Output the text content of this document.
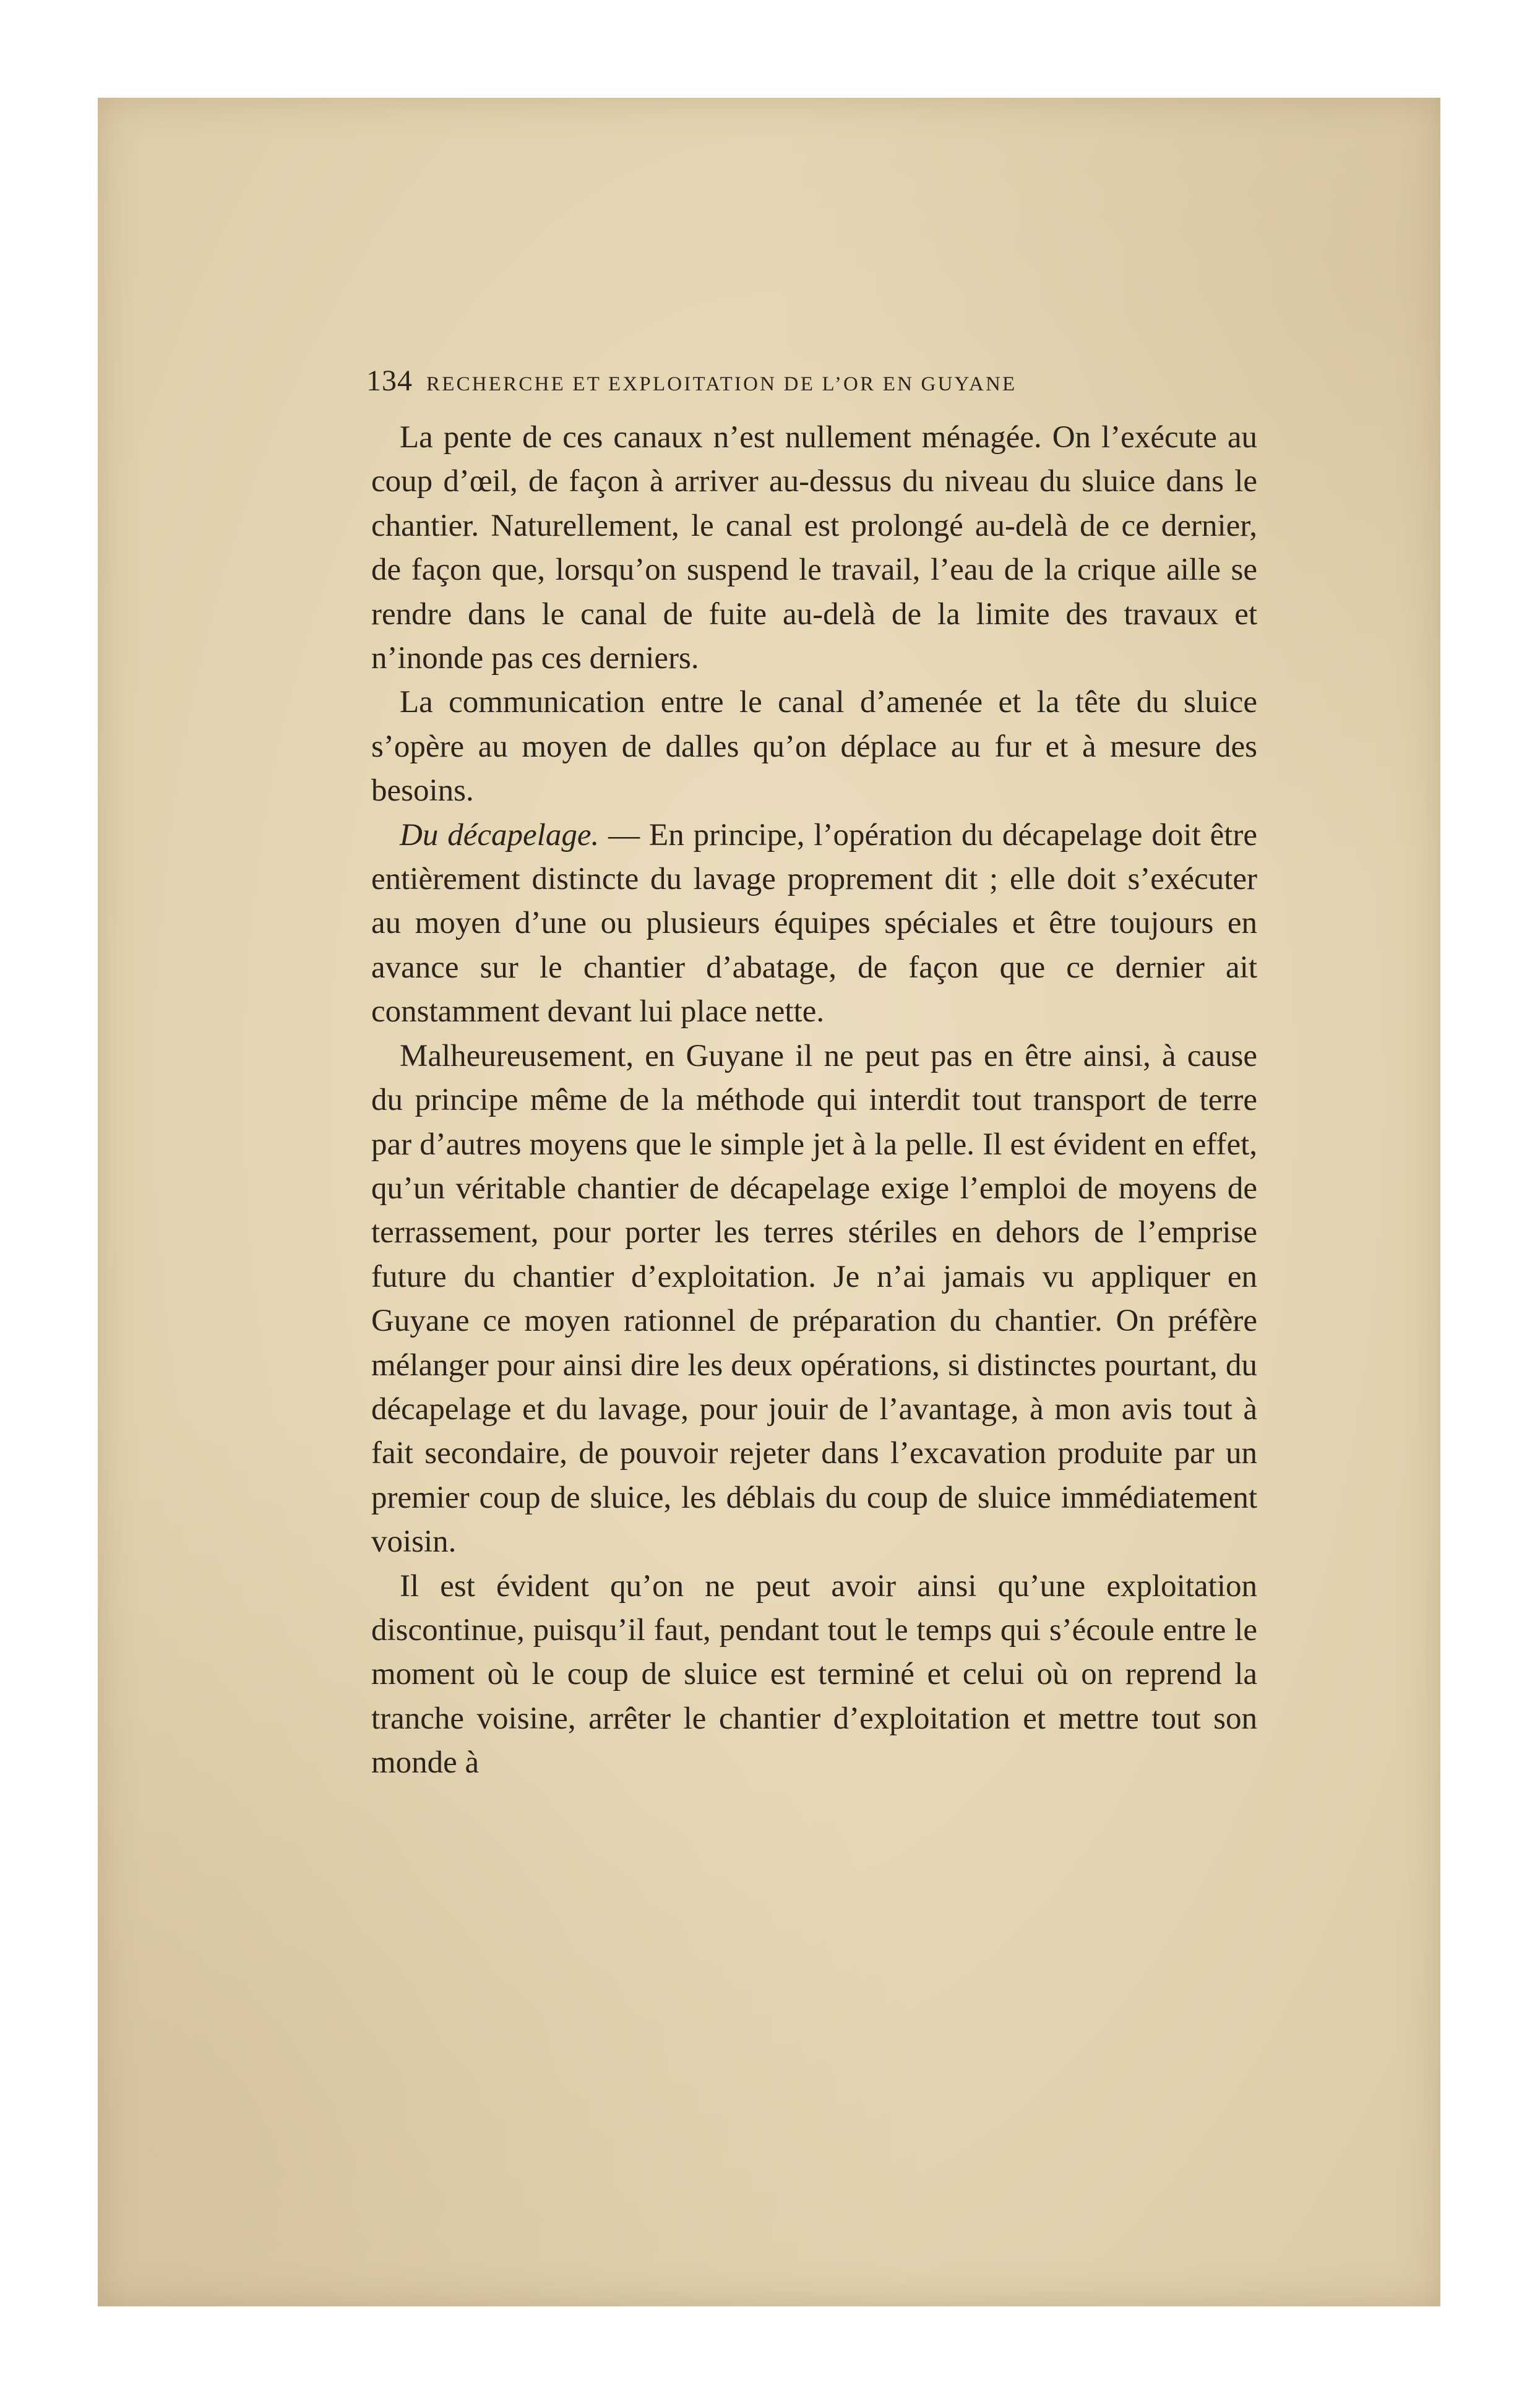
134 RECHERCHE ET EXPLOITATION DE L’OR EN GUYANE

La pente de ces canaux n’est nullement ménagée. On l’exécute au coup d’œil, de façon à arriver au-dessus du niveau du sluice dans le chantier. Naturellement, le canal est prolongé au-delà de ce dernier, de façon que, lorsqu’on suspend le travail, l’eau de la crique aille se rendre dans le canal de fuite au-delà de la limite des travaux et n’inonde pas ces derniers.

La communication entre le canal d’amenée et la tête du sluice s’opère au moyen de dalles qu’on déplace au fur et à mesure des besoins.

Du décapelage. — En principe, l’opération du décapelage doit être entièrement distincte du lavage proprement dit ; elle doit s’exécuter au moyen d’une ou plusieurs équipes spéciales et être toujours en avance sur le chantier d’abatage, de façon que ce dernier ait constamment devant lui place nette.

Malheureusement, en Guyane il ne peut pas en être ainsi, à cause du principe même de la méthode qui interdit tout transport de terre par d’autres moyens que le simple jet à la pelle. Il est évident en effet, qu’un véritable chantier de décapelage exige l’emploi de moyens de terrassement, pour porter les terres stériles en dehors de l’emprise future du chantier d’exploitation. Je n’ai jamais vu appliquer en Guyane ce moyen rationnel de préparation du chantier. On préfère mélanger pour ainsi dire les deux opérations, si distinctes pourtant, du décapelage et du lavage, pour jouir de l’avantage, à mon avis tout à fait secondaire, de pouvoir rejeter dans l’excavation produite par un premier coup de sluice, les déblais du coup de sluice immédiatement voisin.

Il est évident qu’on ne peut avoir ainsi qu’une exploitation discontinue, puisqu’il faut, pendant tout le temps qui s’écoule entre le moment où le coup de sluice est terminé et celui où on reprend la tranche voisine, arrêter le chantier d’exploitation et mettre tout son monde à
